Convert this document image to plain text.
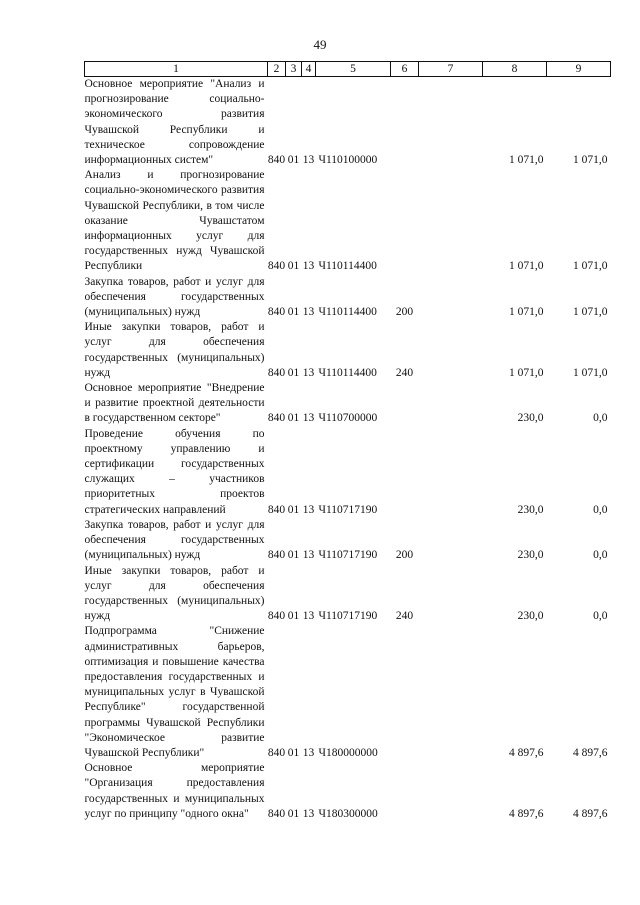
49
1	2	3	4	5	6	7	8	9
Основное мероприятие "Анализ и прогнозирование социально-экономического развития Чувашской Республики и техническое сопровождение информационных систем"	840	01	13	Ч110100000			1 071,0	1 071,0
Анализ и прогнозирование социально-экономического развития Чувашской Республики, в том числе оказание Чувашстатом информационных услуг для государственных нужд Чувашской Республики	840	01	13	Ч110114400			1 071,0	1 071,0
Закупка товаров, работ и услуг для обеспечения государственных (муниципальных) нужд	840	01	13	Ч110114400	200		1 071,0	1 071,0
Иные закупки товаров, работ и услуг для обеспечения государственных (муниципальных) нужд	840	01	13	Ч110114400	240		1 071,0	1 071,0
Основное мероприятие "Внедрение и развитие проектной деятельности в государственном секторе"	840	01	13	Ч110700000			230,0	0,0
Проведение обучения по проектному управлению и сертификации государственных служащих – участников приоритетных проектов стратегических направлений	840	01	13	Ч110717190			230,0	0,0
Закупка товаров, работ и услуг для обеспечения государственных (муниципальных) нужд	840	01	13	Ч110717190	200		230,0	0,0
Иные закупки товаров, работ и услуг для обеспечения государственных (муниципальных) нужд	840	01	13	Ч110717190	240		230,0	0,0
Подпрограмма "Снижение административных барьеров, оптимизация и повышение качества предоставления государственных и муниципальных услуг в Чувашской Республике" государственной программы Чувашской Республики "Экономическое развитие Чувашской Республики"	840	01	13	Ч180000000			4 897,6	4 897,6
Основное мероприятие "Организация предоставления государственных и муниципальных услуг по принципу "одного окна"	840	01	13	Ч180300000			4 897,6	4 897,6
